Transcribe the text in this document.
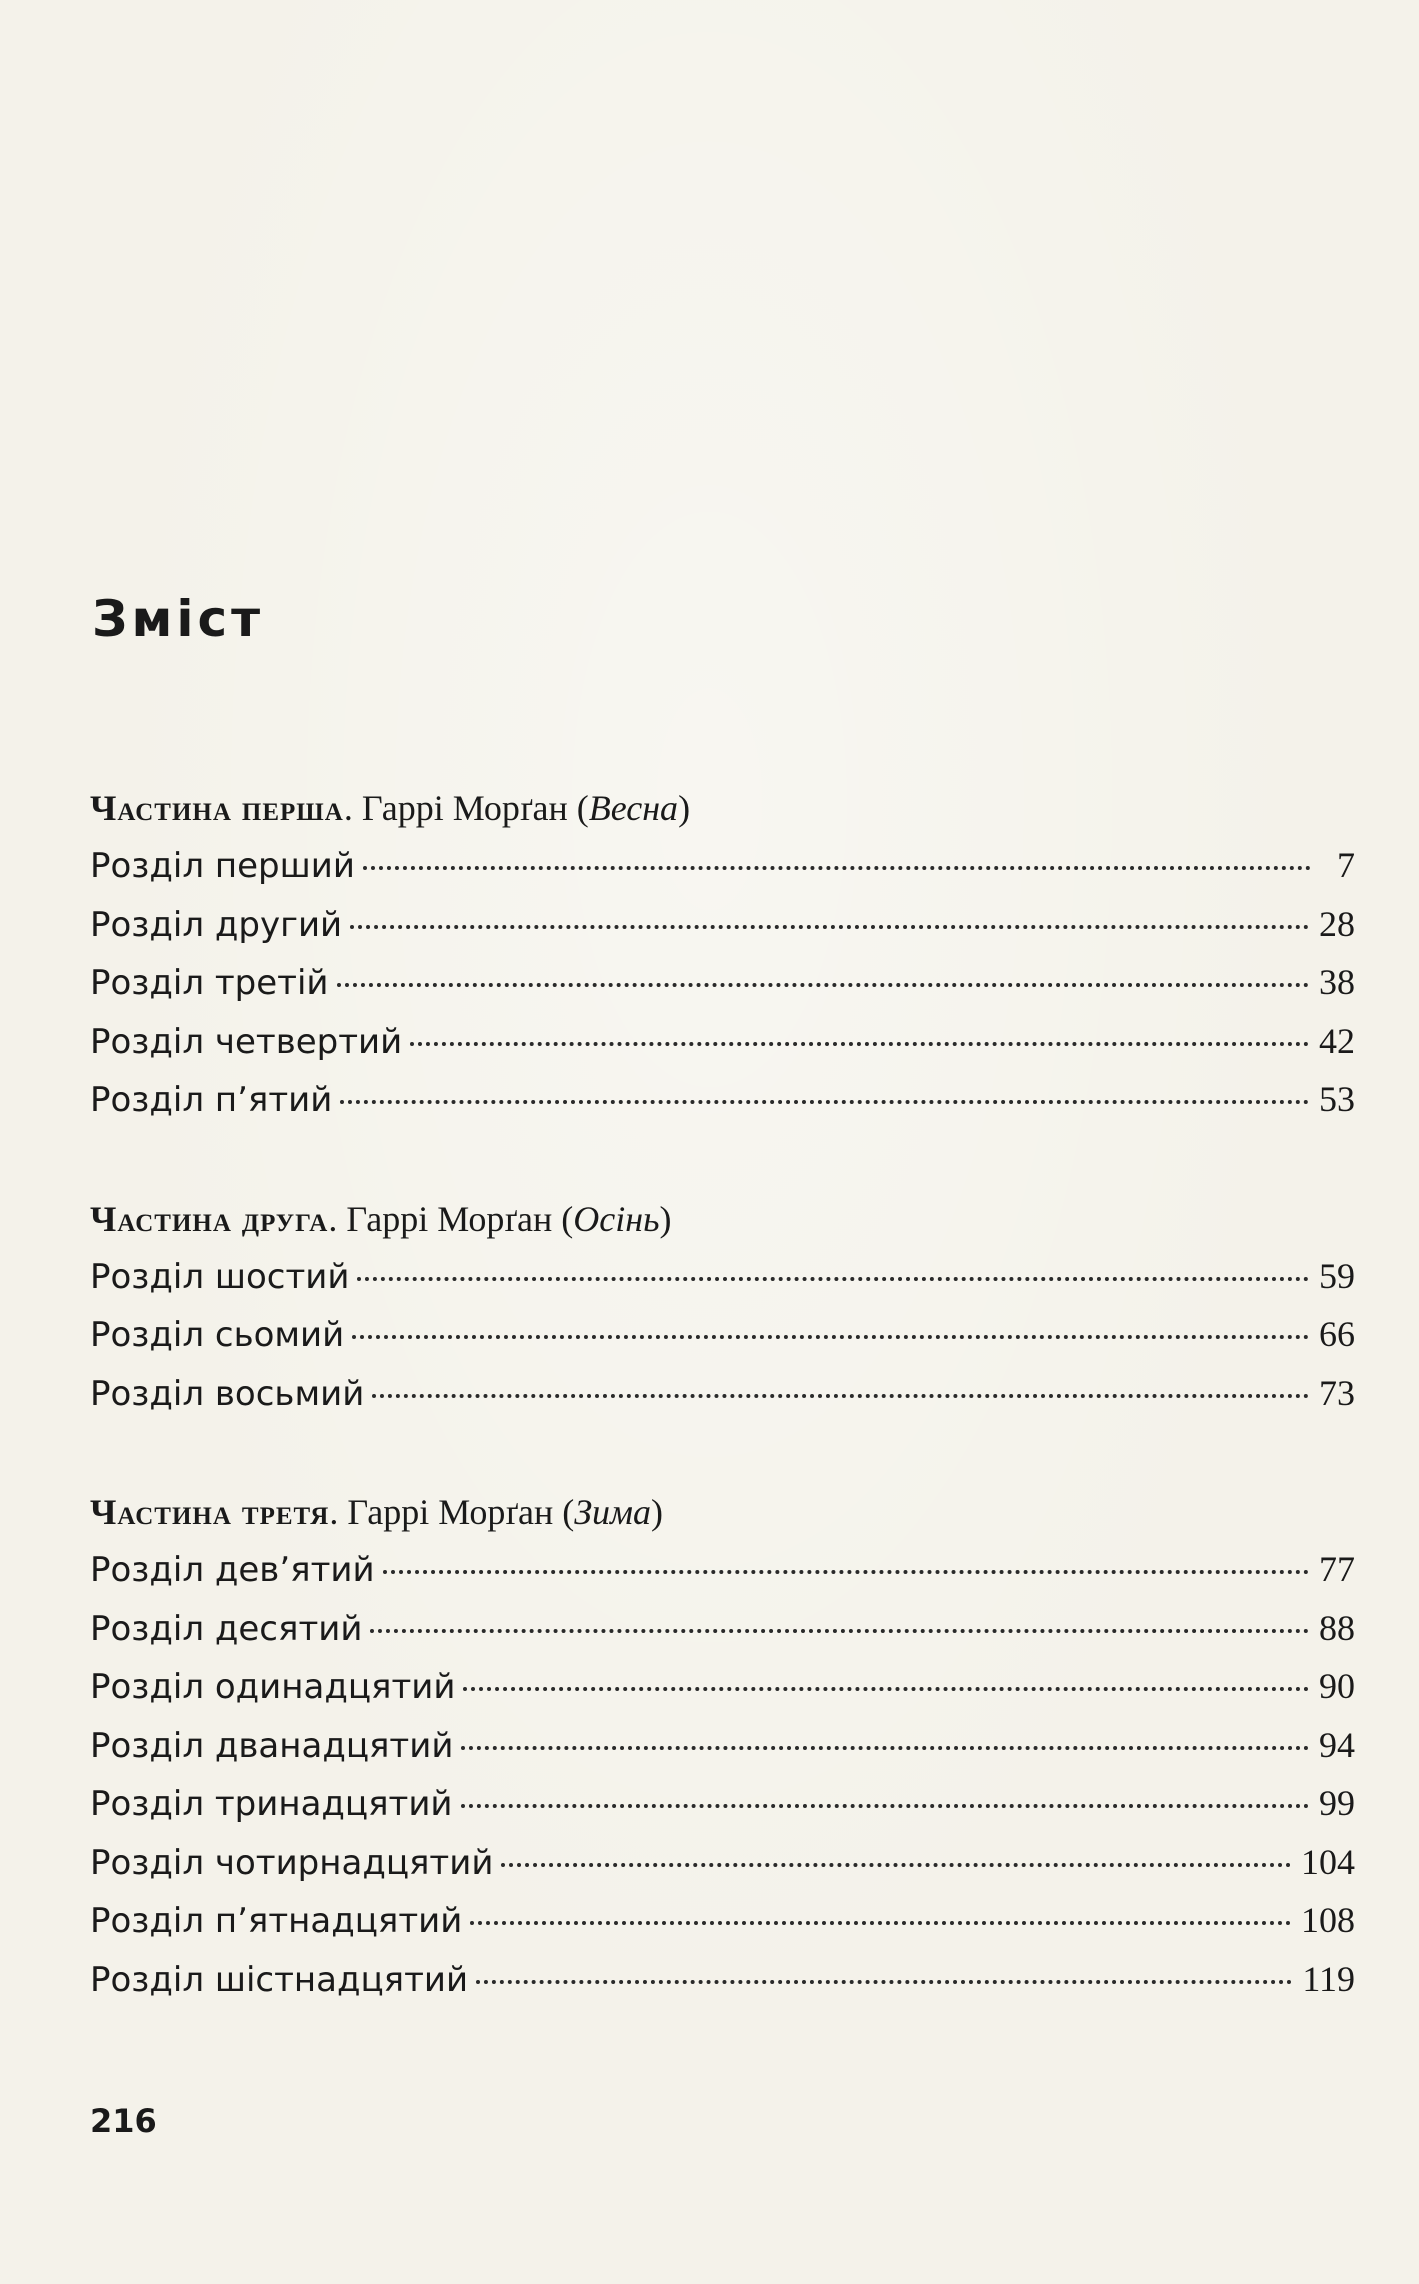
Зміст
Частина перша. Гаррі Морґан (Весна)
Розділ перший	7
Розділ другий	28
Розділ третій	38
Розділ четвертий	42
Розділ п’ятий	53
Частина друга. Гаррі Морґан (Осінь)
Розділ шостий	59
Розділ сьомий	66
Розділ восьмий	73
Частина третя. Гаррі Морґан (Зима)
Розділ дев’ятий	77
Розділ десятий	88
Розділ одинадцятий	90
Розділ дванадцятий	94
Розділ тринадцятий	99
Розділ чотирнадцятий	104
Розділ п’ятнадцятий	108
Розділ шістнадцятий	119
216
